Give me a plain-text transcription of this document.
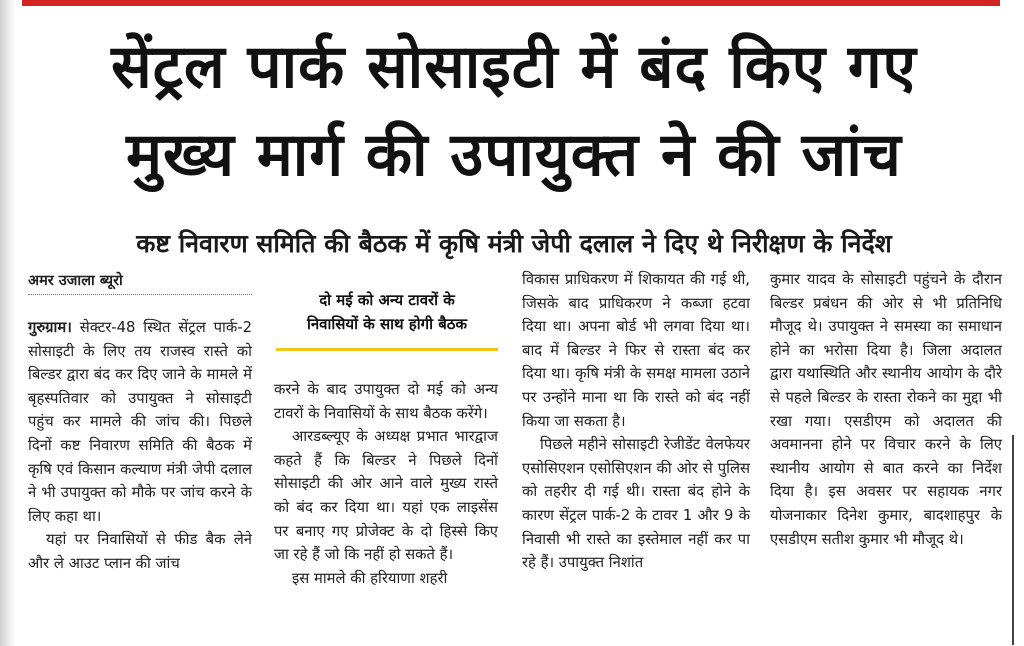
सेंट्रल पार्क सोसाइटी में बंद किए गए
मुख्य मार्ग की उपायुक्त ने की जांच
कष्ट निवारण समिति की बैठक में कृषि मंत्री जेपी दलाल ने दिए थे निरीक्षण के निर्देश

अमर उजाला ब्यूरो

गुरुग्राम। सेक्टर-48 स्थित सेंट्रल पार्क-2 सोसाइटी के लिए तय राजस्व रास्ते को बिल्डर द्वारा बंद कर दिए जाने के मामले में बृहस्पतिवार को उपायुक्त ने सोसाइटी पहुंच कर मामले की जांच की। पिछले दिनों कष्ट निवारण समिति की बैठक में कृषि एवं किसान कल्याण मंत्री जेपी दलाल ने भी उपायुक्त को मौके पर जांच करने के लिए कहा था।

यहां पर निवासियों से फीड बैक लेने और ले आउट प्लान की जांच

दो मई को अन्य टावरों के
निवासियों के साथ होगी बैठक

करने के बाद उपायुक्त दो मई को अन्य टावरों के निवासियों के साथ बैठक करेंगे।

आरडब्ल्यूए के अध्यक्ष प्रभात भारद्वाज कहते हैं कि बिल्डर ने पिछले दिनों सोसाइटी की ओर आने वाले मुख्य रास्ते को बंद कर दिया था। यहां एक लाइसेंस पर बनाए गए प्रोजेक्ट के दो हिस्से किए जा रहे हैं जो कि नहीं हो सकते हैं।

इस मामले की हरियाणा शहरी

विकास प्राधिकरण में शिकायत की गई थी, जिसके बाद प्राधिकरण ने कब्जा हटवा दिया था। अपना बोर्ड भी लगवा दिया था। बाद में बिल्डर ने फिर से रास्ता बंद कर दिया था। कृषि मंत्री के समक्ष मामला उठाने पर उन्होंने माना था कि रास्ते को बंद नहीं किया जा सकता है।

पिछले महीने सोसाइटी रेजीडेंट वेलफेयर एसोसिएशन एसोसिएशन की ओर से पुलिस को तहरीर दी गई थी। रास्ता बंद होने के कारण सेंट्रल पार्क-2 के टावर 1 और 9 के निवासी भी रास्ते का इस्तेमाल नहीं कर पा रहे हैं। उपायुक्त निशांत

कुमार यादव के सोसाइटी पहुंचने के दौरान बिल्डर प्रबंधन की ओर से भी प्रतिनिधि मौजूद थे। उपायुक्त ने समस्या का समाधान होने का भरोसा दिया है। जिला अदालत द्वारा यथास्थिति और स्थानीय आयोग के दौरे से पहले बिल्डर के रास्ता रोकने का मुद्दा भी रखा गया। एसडीएम को अदालत की अवमानना होने पर विचार करने के लिए स्थानीय आयोग से बात करने का निर्देश दिया है। इस अवसर पर सहायक नगर योजनाकार दिनेश कुमार, बादशाहपुर के एसडीएम सतीश कुमार भी मौजूद थे।
